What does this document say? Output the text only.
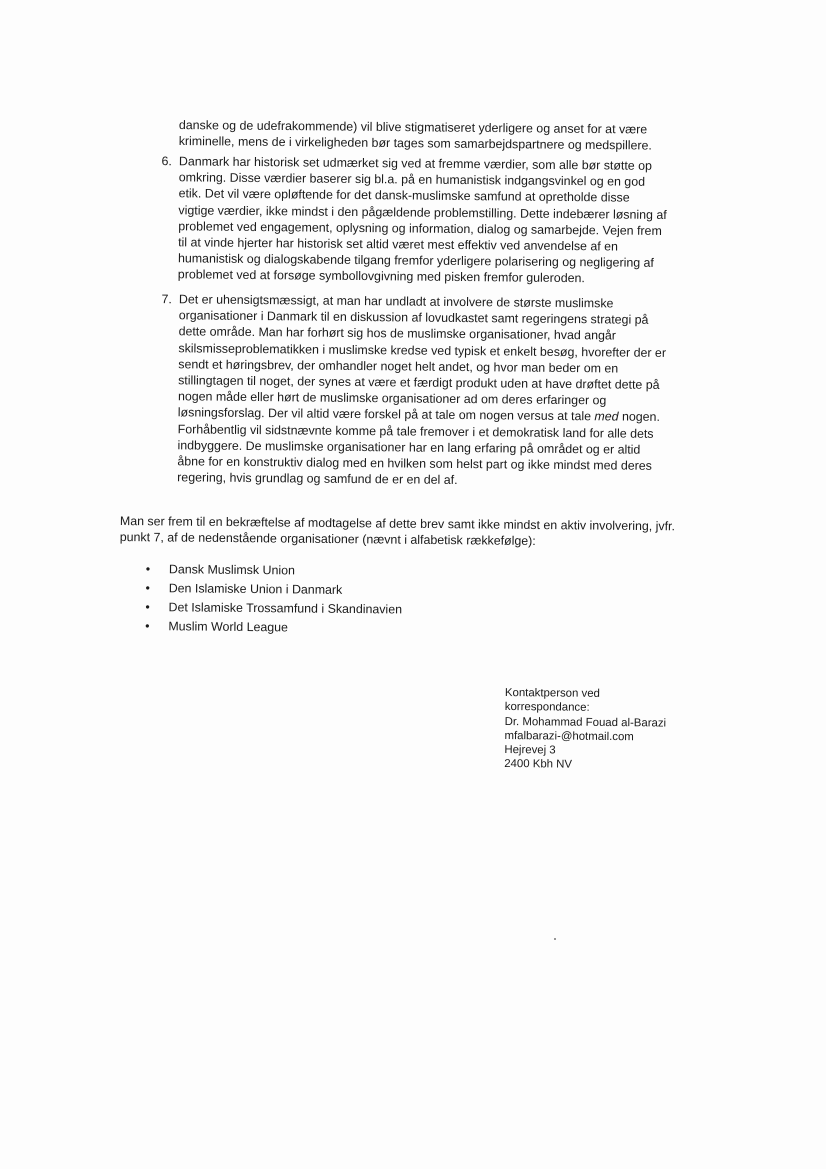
danske og de udefrakommende) vil blive stigmatiseret yderligere og anset for at være kriminelle, mens de i virkeligheden bør tages som samarbejdspartnere og medspillere.
6. Danmark har historisk set udmærket sig ved at fremme værdier, som alle bør støtte op omkring. Disse værdier baserer sig bl.a. på en humanistisk indgangsvinkel og en god etik. Det vil være opløftende for det dansk-muslimske samfund at opretholde disse vigtige værdier, ikke mindst i den pågældende problemstilling. Dette indebærer løsning af problemet ved engagement, oplysning og information, dialog og samarbejde. Vejen frem til at vinde hjerter har historisk set altid været mest effektiv ved anvendelse af en humanistisk og dialogskabende tilgang fremfor yderligere polarisering og negligering af problemet ved at forsøge symbollovgivning med pisken fremfor guleroden.
7. Det er uhensigtsmæssigt, at man har undladt at involvere de største muslimske organisationer i Danmark til en diskussion af lovudkastet samt regeringens strategi på dette område. Man har forhørt sig hos de muslimske organisationer, hvad angår skilsmisseproblematikken i muslimske kredse ved typisk et enkelt besøg, hvorefter der er sendt et høringsbrev, der omhandler noget helt andet, og hvor man beder om en stillingtagen til noget, der synes at være et færdigt produkt uden at have drøftet dette på nogen måde eller hørt de muslimske organisationer ad om deres erfaringer og løsningsforslag. Der vil altid være forskel på at tale om nogen versus at tale med nogen. Forhåbentlig vil sidstnævnte komme på tale fremover i et demokratisk land for alle dets indbyggere. De muslimske organisationer har en lang erfaring på området og er altid åbne for en konstruktiv dialog med en hvilken som helst part og ikke mindst med deres regering, hvis grundlag og samfund de er en del af.
Man ser frem til en bekræftelse af modtagelse af dette brev samt ikke mindst en aktiv involvering, jvfr. punkt 7, af de nedenstående organisationer (nævnt i alfabetisk rækkefølge):
• Dansk Muslimsk Union
• Den Islamiske Union i Danmark
• Det Islamiske Trossamfund i Skandinavien
• Muslim World League
Kontaktperson ved
korrespondance:
Dr. Mohammad Fouad al-Barazi
mfalbarazi-@hotmail.com
Hejrevej 3
2400 Kbh NV
